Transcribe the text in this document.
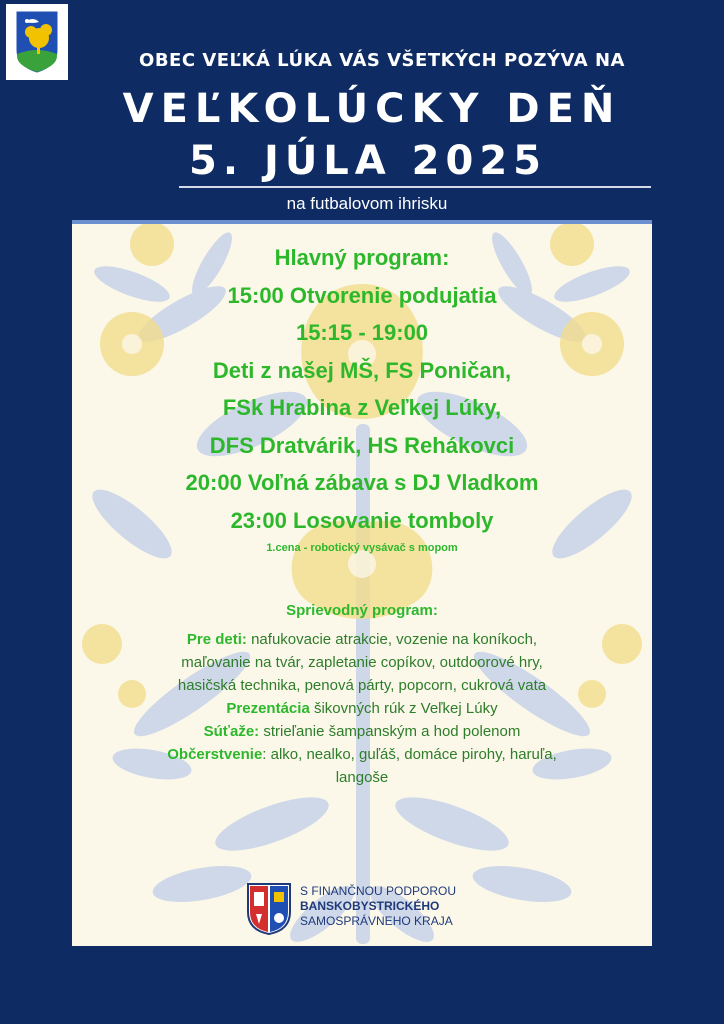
OBEC VEĽKÁ LÚKA VÁS VŠETKÝCH POZÝVA NA
VEĽKOLÚCKY DEŇ
5. JÚLA 2025
na futbalovom ihrisku
Hlavný program:
15:00 Otvorenie podujatia
15:15 - 19:00
Deti z našej MŠ, FS Poničan,
FSk Hrabina z Veľkej Lúky,
DFS Dratvárik, HS Rehákovci
20:00 Voľná zábava s DJ Vladkom
23:00 Losovanie tomboly
1.cena - robotický vysávač s mopom
Sprievodný program:
Pre deti: nafukovacie atrakcie, vozenie na koníkoch,
maľovanie na tvár, zapletanie copíkov, outdoorové hry,
hasičská technika, penová párty, popcorn, cukrová vata
Prezentácia šikovných rúk z Veľkej Lúky
Súťaže: strieľanie šampanským a hod polenom
Občerstvenie: alko, nealko, guľáš, domáce pirohy, haruľa,
langoše
S FINANČNOU PODPOROU
BANSKOBYSTRICKÉHO
SAMOSPRÁVNEHO KRAJA
